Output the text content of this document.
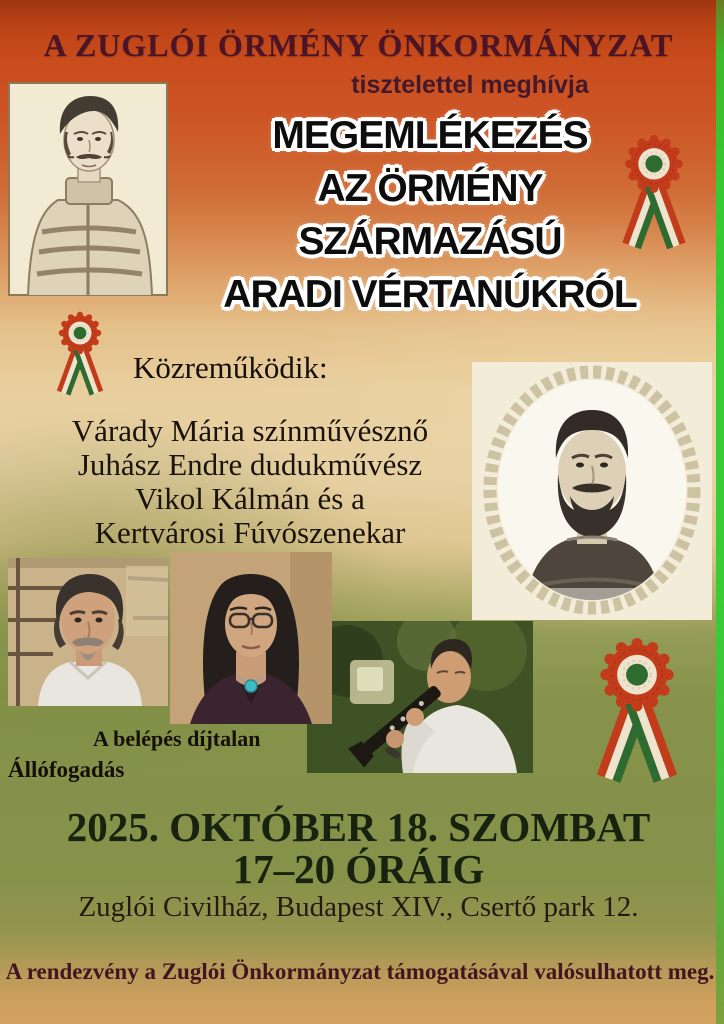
A ZUGLÓI ÖRMÉNY ÖNKORMÁNYZAT
tisztelettel meghívja
MEGEMLÉKEZÉS
AZ ÖRMÉNY
SZÁRMAZÁSÚ
ARADI VÉRTANÚKRÓL
Közreműködik:
Várady Mária színművésznő
Juhász Endre dudukművész
Vikol Kálmán és a
Kertvárosi Fúvószenekar
A belépés díjtalan
Állófogadás
2025. OKTÓBER 18. SZOMBAT
17–20 ÓRÁIG
Zuglói Civilház, Budapest XIV., Csertő park 12.
A rendezvény a Zuglói Önkormányzat támogatásával valósulhatott meg.
